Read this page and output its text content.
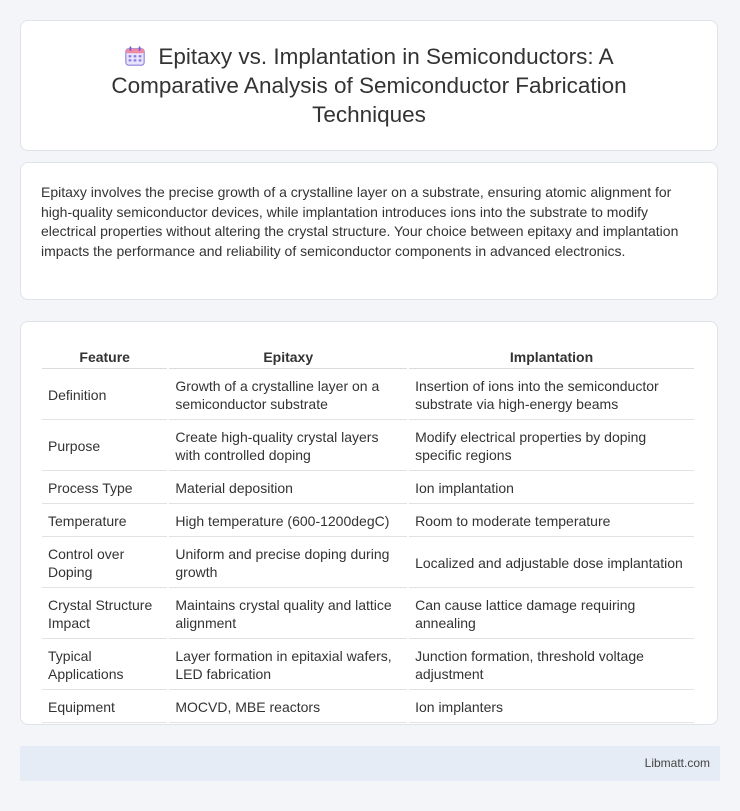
Epitaxy vs. Implantation in Semiconductors: A Comparative Analysis of Semiconductor Fabrication Techniques

Epitaxy involves the precise growth of a crystalline layer on a substrate, ensuring atomic alignment for high-quality semiconductor devices, while implantation introduces ions into the substrate to modify electrical properties without altering the crystal structure. Your choice between epitaxy and implantation impacts the performance and reliability of semiconductor components in advanced electronics.

Feature	Epitaxy	Implantation
Definition	Growth of a crystalline layer on a semiconductor substrate	Insertion of ions into the semiconductor substrate via high-energy beams
Purpose	Create high-quality crystal layers with controlled doping	Modify electrical properties by doping specific regions
Process Type	Material deposition	Ion implantation
Temperature	High temperature (600-1200degC)	Room to moderate temperature
Control over Doping	Uniform and precise doping during growth	Localized and adjustable dose implantation
Crystal Structure Impact	Maintains crystal quality and lattice alignment	Can cause lattice damage requiring annealing
Typical Applications	Layer formation in epitaxial wafers, LED fabrication	Junction formation, threshold voltage adjustment
Equipment	MOCVD, MBE reactors	Ion implanters
Libmatt.com
